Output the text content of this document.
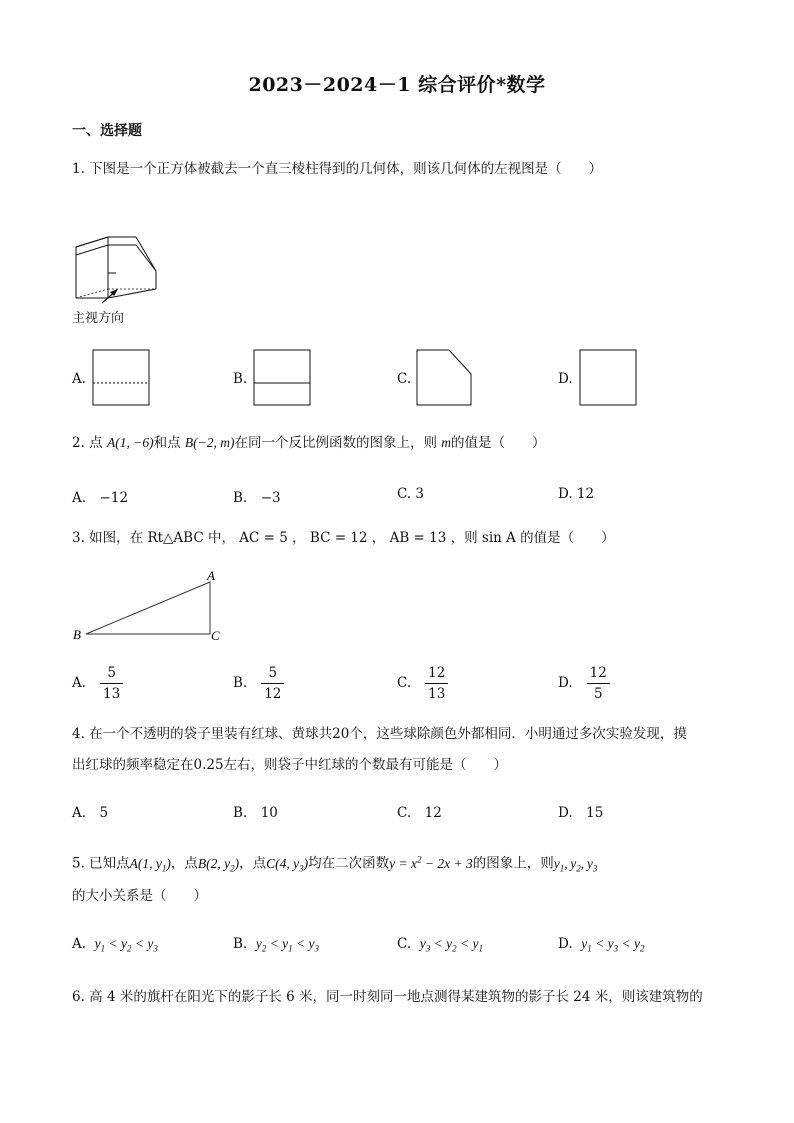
2023－2024－1 综合评价*数学
一、选择题
1. 下图是一个正方体被截去一个直三棱柱得到的几何体，则该几何体的左视图是（　　）
主视方向
A.	B.	C.	D.
2. 点 A(1, −6)和点 B(−2, m)在同一个反比例函数的图象上，则 m的值是（　　）
A.　−12	B.　−3	C. 3	D. 12
3. 如图，在 Rt△ABC 中， AC = 5 ， BC = 12 ， AB = 13 ，则 sin A 的值是（　　）
A
B	C
A. $\frac{5}{13}$	B. $\frac{5}{12}$	C. $\frac{12}{13}$	D. $\frac{12}{5}$
4. 在一个不透明的袋子里装有红球、黄球共20个，这些球除颜色外都相同．小明通过多次实验发现，摸
出红球的频率稳定在0.25左右，则袋子中红球的个数最有可能是（　　）
A.　5	B.　10	C.　12	D.　15
5. 已知点A(1, $y_1$)，点B(2, $y_2$)，点C(4, $y_3$)均在二次函数$y = x^2 - 2x + 3$的图象上，则$y_1$, $y_2$, $y_3$
的大小关系是（　　）
A. $y_1 < y_2 < y_3$	B. $y_2 < y_1 < y_3$	C. $y_3 < y_2 < y_1$	D. $y_1 < y_3 < y_2$
6. 高 4 米的旗杆在阳光下的影子长 6 米，同一时刻同一地点测得某建筑物的影子长 24 米，则该建筑物的
